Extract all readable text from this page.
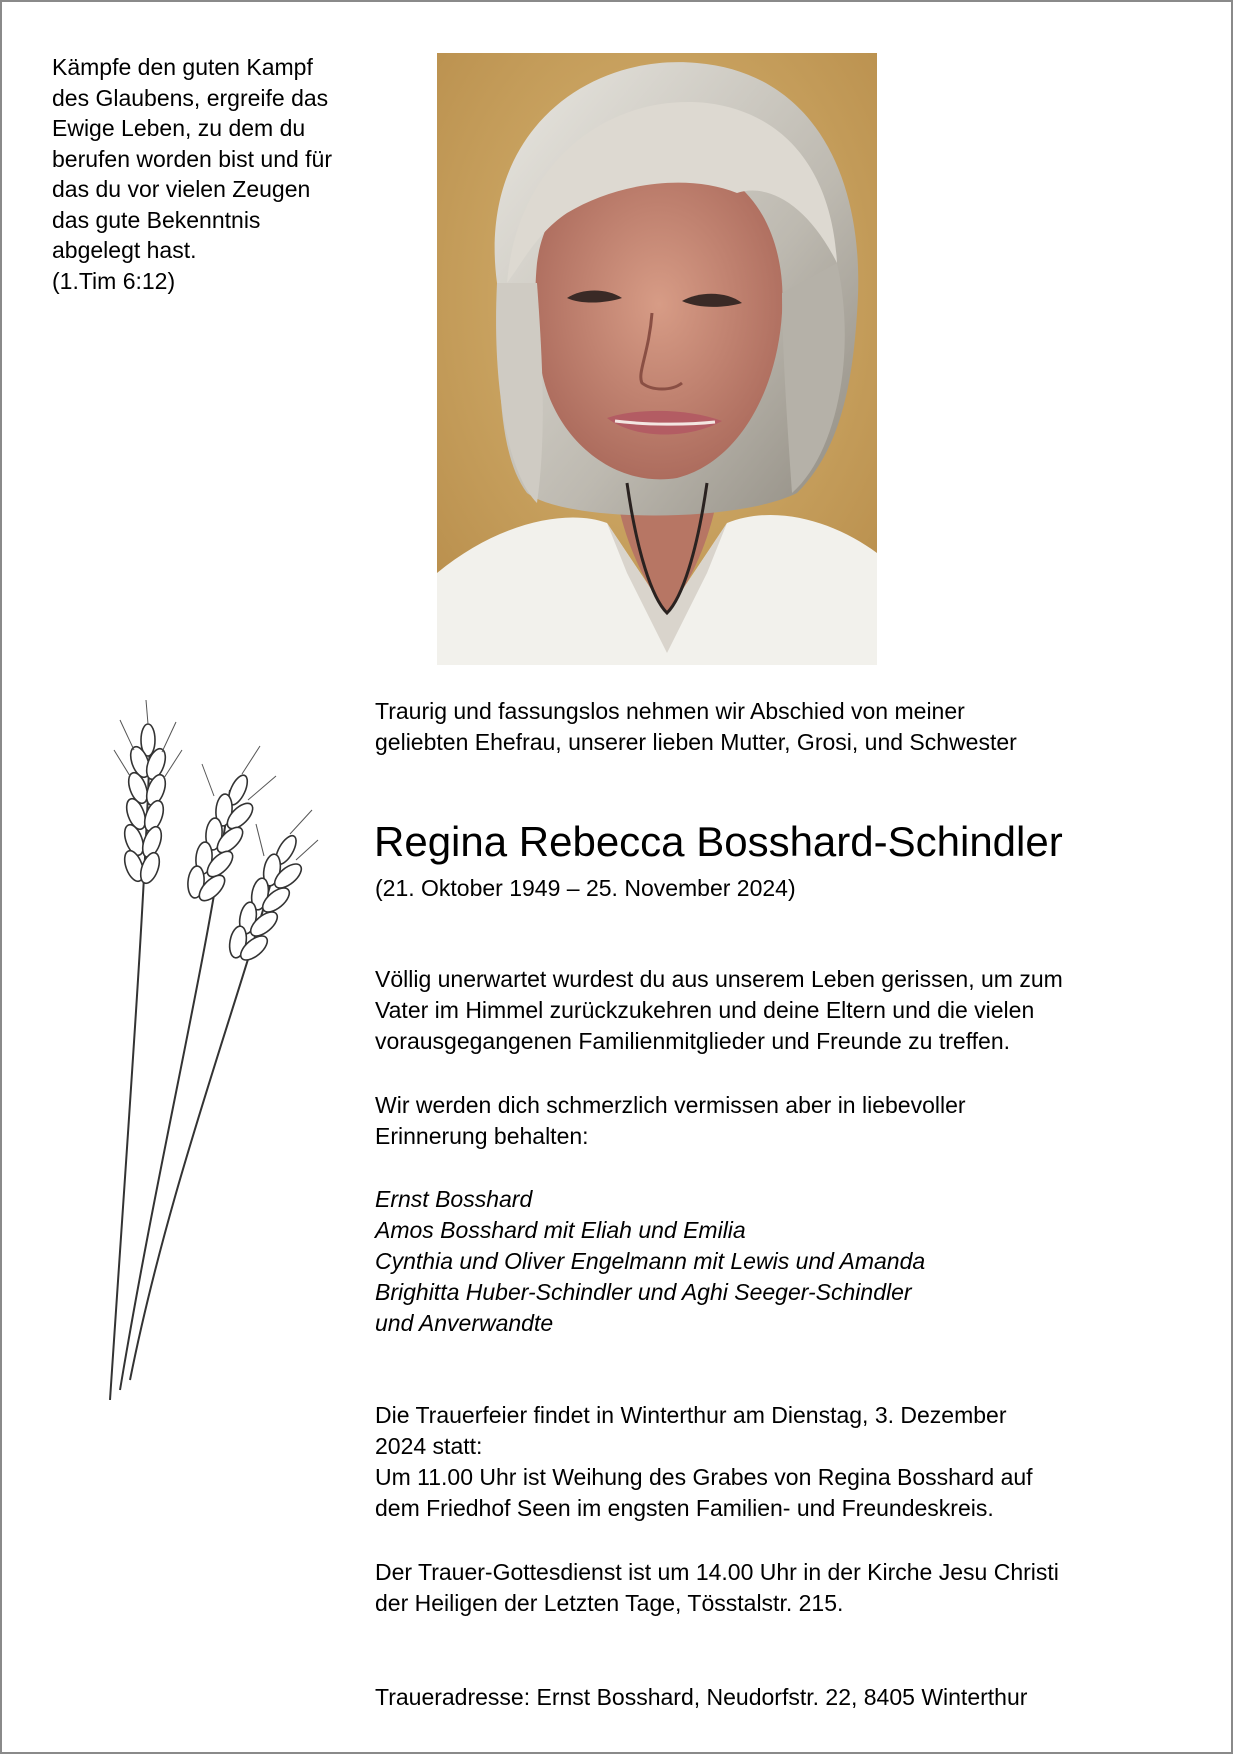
Kämpfe den guten Kampf
des Glaubens, ergreife das
Ewige Leben, zu dem du
berufen worden bist und für
das du vor vielen Zeugen
das gute Bekenntnis
abgelegt hast.
(1.Tim 6:12)
Traurig und fassungslos nehmen wir Abschied von meiner
geliebten Ehefrau, unserer lieben Mutter, Grosi, und Schwester
Regina Rebecca Bosshard-Schindler
(21. Oktober 1949 – 25. November 2024)
Völlig unerwartet wurdest du aus unserem Leben gerissen, um zum
Vater im Himmel zurückzukehren und deine Eltern und die vielen
vorausgegangenen Familienmitglieder und Freunde zu treffen.
Wir werden dich schmerzlich vermissen aber in liebevoller
Erinnerung behalten:
Ernst Bosshard
Amos Bosshard mit Eliah und Emilia
Cynthia und Oliver Engelmann mit Lewis und Amanda
Brighitta Huber-Schindler und Aghi Seeger-Schindler
und Anverwandte
Die Trauerfeier findet in Winterthur am Dienstag, 3. Dezember
2024 statt:
Um 11.00 Uhr ist Weihung des Grabes von Regina Bosshard auf
dem Friedhof Seen im engsten Familien- und Freundeskreis.
Der Trauer-Gottesdienst ist um 14.00 Uhr in der Kirche Jesu Christi
der Heiligen der Letzten Tage, Tösstalstr. 215.
Traueradresse: Ernst Bosshard, Neudorfstr. 22, 8405 Winterthur
